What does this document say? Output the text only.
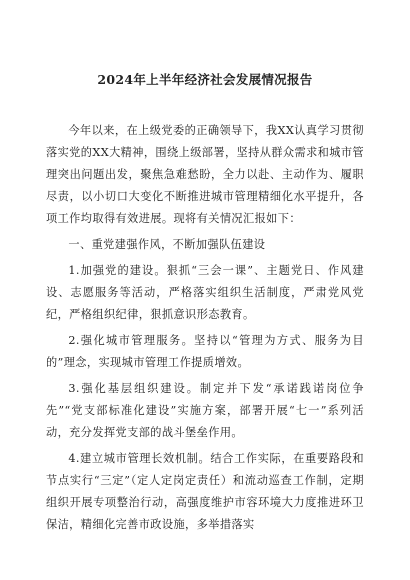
2024年上半年经济社会发展情况报告

今年以来，在上级党委的正确领导下，我XX认真学习贯彻落实党的XX大精神，围绕上级部署，坚持从群众需求和城市管理突出问题出发，聚焦急难愁盼，全力以赴、主动作为、履职尽责，以小切口大变化不断推进城市管理精细化水平提升，各项工作均取得有效进展。现将有关情况汇报如下：

一、重党建强作风，不断加强队伍建设

1.加强党的建设。狠抓“三会一课”、主题党日、作风建设、志愿服务等活动，严格落实组织生活制度，严肃党风党纪，严格组织纪律，狠抓意识形态教育。

2.强化城市管理服务。坚持以“管理为方式、服务为目的”理念，实现城市管理工作提质增效。

3.强化基层组织建设。制定并下发“承诺践诺岗位争先”“党支部标准化建设”实施方案，部署开展“七一”系列活动，充分发挥党支部的战斗堡垒作用。

4.建立城市管理长效机制。结合工作实际，在重要路段和节点实行“三定”（定人定岗定责任）和流动巡查工作制，定期组织开展专项整治行动，高强度维护市容环境大力度推进环卫保洁，精细化完善市政设施，多举措落实
